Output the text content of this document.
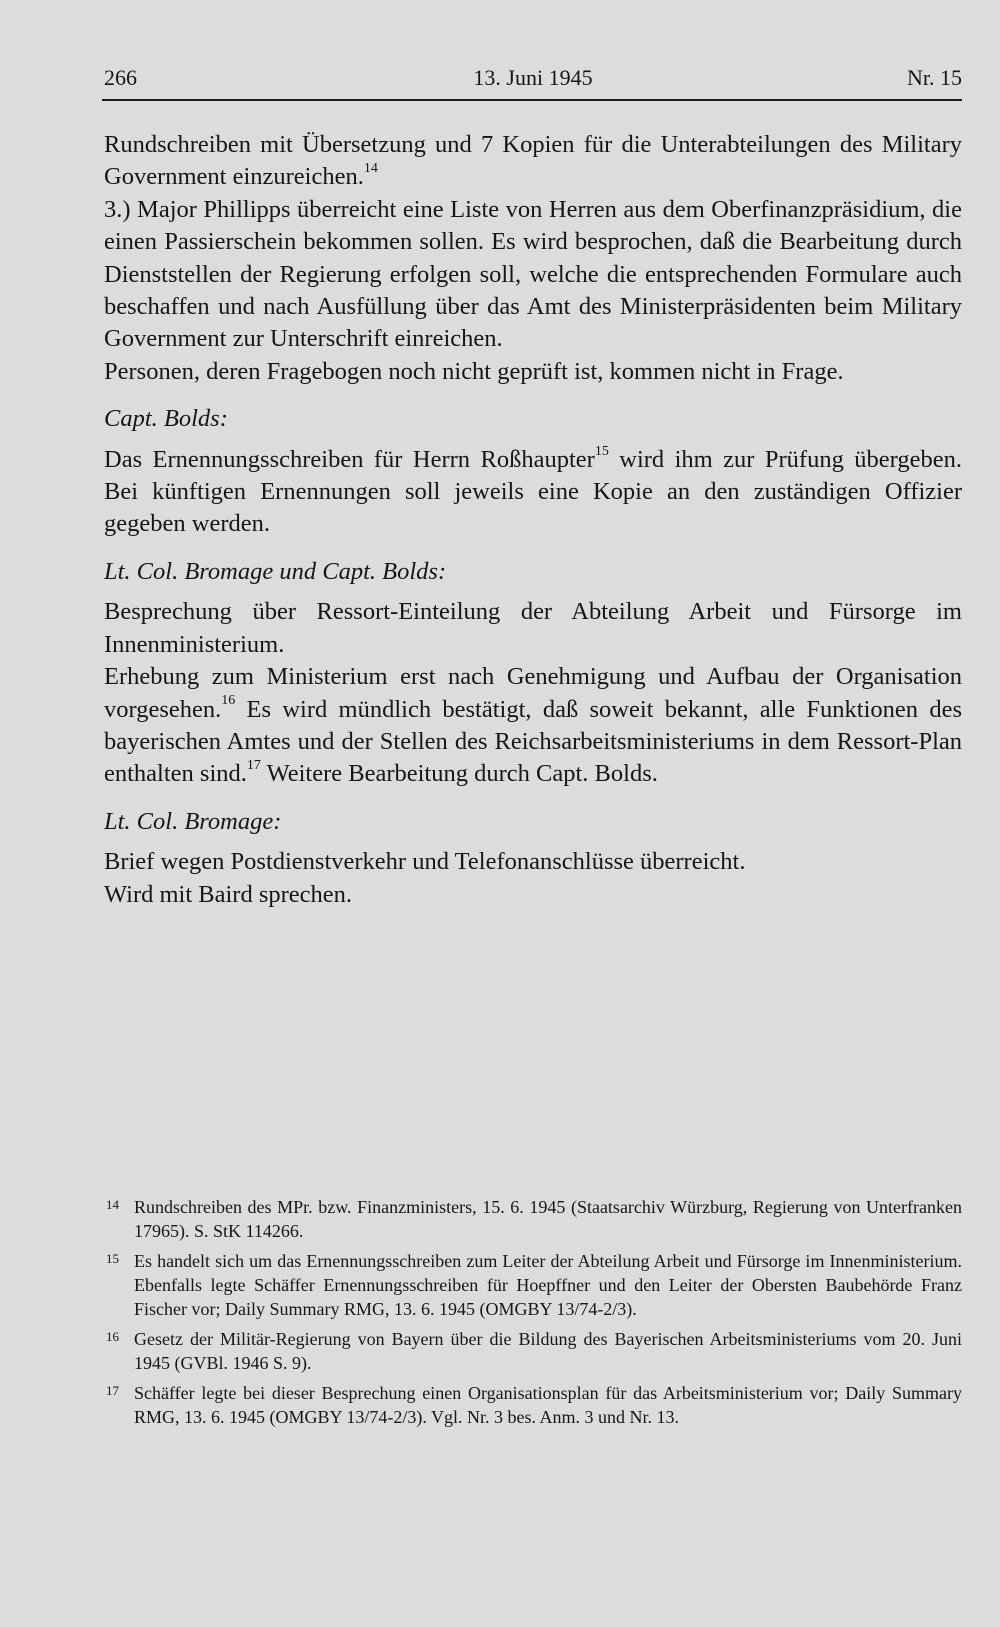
266	13. Juni 1945	Nr. 15

Rundschreiben mit Übersetzung und 7 Kopien für die Unterabteilungen des Military Government einzureichen.$^{14}$

3.) Major Phillipps überreicht eine Liste von Herren aus dem Oberfinanzpräsidium, die einen Passierschein bekommen sollen. Es wird besprochen, daß die Bearbeitung durch Dienststellen der Regierung erfolgen soll, welche die entsprechenden Formulare auch beschaffen und nach Ausfüllung über das Amt des Ministerpräsidenten beim Military Government zur Unterschrift einreichen.

Personen, deren Fragebogen noch nicht geprüft ist, kommen nicht in Frage.

Capt. Bolds:

Das Ernennungsschreiben für Herrn Roßhaupter$^{15}$ wird ihm zur Prüfung übergeben. Bei künftigen Ernennungen soll jeweils eine Kopie an den zuständigen Offizier gegeben werden.

Lt. Col. Bromage und Capt. Bolds:

Besprechung über Ressort-Einteilung der Abteilung Arbeit und Fürsorge im Innenministerium.

Erhebung zum Ministerium erst nach Genehmigung und Aufbau der Organisation vorgesehen.$^{16}$ Es wird mündlich bestätigt, daß soweit bekannt, alle Funktionen des bayerischen Amtes und der Stellen des Reichsarbeitsministeriums in dem Ressort-Plan enthalten sind.$^{17}$ Weitere Bearbeitung durch Capt. Bolds.

Lt. Col. Bromage:

Brief wegen Postdienstverkehr und Telefonanschlüsse überreicht.

Wird mit Baird sprechen.

14 Rundschreiben des MPr. bzw. Finanzministers, 15. 6. 1945 (Staatsarchiv Würzburg, Regierung von Unterfranken 17965). S. StK 114266.
15 Es handelt sich um das Ernennungsschreiben zum Leiter der Abteilung Arbeit und Fürsorge im Innenministerium. Ebenfalls legte Schäffer Ernennungsschreiben für Hoepffner und den Leiter der Obersten Baubehörde Franz Fischer vor; Daily Summary RMG, 13. 6. 1945 (OMGBY 13/74-2/3).
16 Gesetz der Militär-Regierung von Bayern über die Bildung des Bayerischen Arbeitsministeriums vom 20. Juni 1945 (GVBl. 1946 S. 9).
17 Schäffer legte bei dieser Besprechung einen Organisationsplan für das Arbeitsministerium vor; Daily Summary RMG, 13. 6. 1945 (OMGBY 13/74-2/3). Vgl. Nr. 3 bes. Anm. 3 und Nr. 13.
